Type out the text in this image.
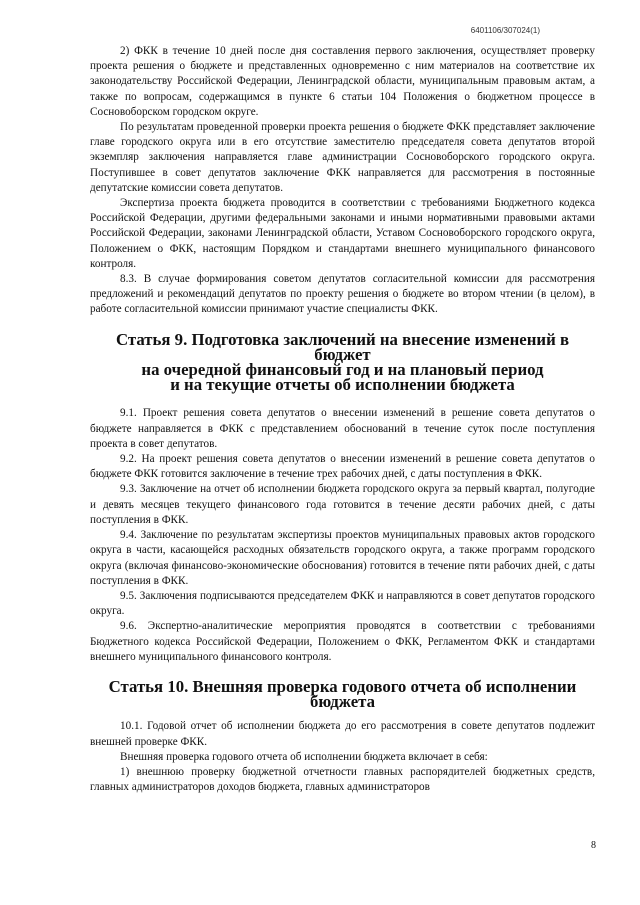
6401106/307024(1)

2) ФКК в течение 10 дней после дня составления первого заключения, осуществляет проверку проекта решения о бюджете и представленных одновременно с ним материалов на соответствие их законодательству Российской Федерации, Ленинградской области, муниципальным правовым актам, а также по вопросам, содержащимся в пункте 6 статьи 104 Положения о бюджетном процессе в Сосновоборском городском округе.

По результатам проведенной проверки проекта решения о бюджете ФКК представляет заключение главе городского округа или в его отсутствие заместителю председателя совета депутатов второй экземпляр заключения направляется главе администрации Сосновоборского городского округа. Поступившее в совет депутатов заключение ФКК направляется для рассмотрения в постоянные депутатские комиссии совета депутатов.

Экспертиза проекта бюджета проводится в соответствии с требованиями Бюджетного кодекса Российской Федерации, другими федеральными законами и иными нормативными правовыми актами Российской Федерации, законами Ленинградской области, Уставом Сосновоборского городского округа, Положением о ФКК, настоящим Порядком и стандартами внешнего муниципального финансового контроля.

8.3. В случае формирования советом депутатов согласительной комиссии для рассмотрения предложений и рекомендаций депутатов по проекту решения о бюджете во втором чтении (в целом), в работе согласительной комиссии принимают участие специалисты ФКК.

Статья 9. Подготовка заключений на внесение изменений в бюджет
на очередной финансовый год и на плановый период
и на текущие отчеты об исполнении бюджета

9.1. Проект решения совета депутатов о внесении изменений в решение совета депутатов о бюджете направляется в ФКК с представлением обоснований в течение суток после поступления проекта в совет депутатов.

9.2. На проект решения совета депутатов о внесении изменений в решение совета депутатов о бюджете ФКК готовится заключение в течение трех рабочих дней, с даты поступления в ФКК.

9.3. Заключение на отчет об исполнении бюджета городского округа за первый квартал, полугодие и девять месяцев текущего финансового года готовится в течение десяти рабочих дней, с даты поступления в ФКК.

9.4. Заключение по результатам экспертизы проектов муниципальных правовых актов городского округа в части, касающейся расходных обязательств городского округа, а также программ городского округа (включая финансово-экономические обоснования) готовится в течение пяти рабочих дней, с даты поступления в ФКК.

9.5. Заключения подписываются председателем ФКК и направляются в совет депутатов городского округа.

9.6. Экспертно-аналитические мероприятия проводятся в соответствии с требованиями Бюджетного кодекса Российской Федерации, Положением о ФКК, Регламентом ФКК и стандартами внешнего муниципального финансового контроля.

Статья 10. Внешняя проверка годового отчета об исполнении бюджета

10.1. Годовой отчет об исполнении бюджета до его рассмотрения в совете депутатов подлежит внешней проверке ФКК.

Внешняя проверка годового отчета об исполнении бюджета включает в себя:

1) внешнюю проверку бюджетной отчетности главных распорядителей бюджетных средств, главных администраторов доходов бюджета, главных администраторов

8
